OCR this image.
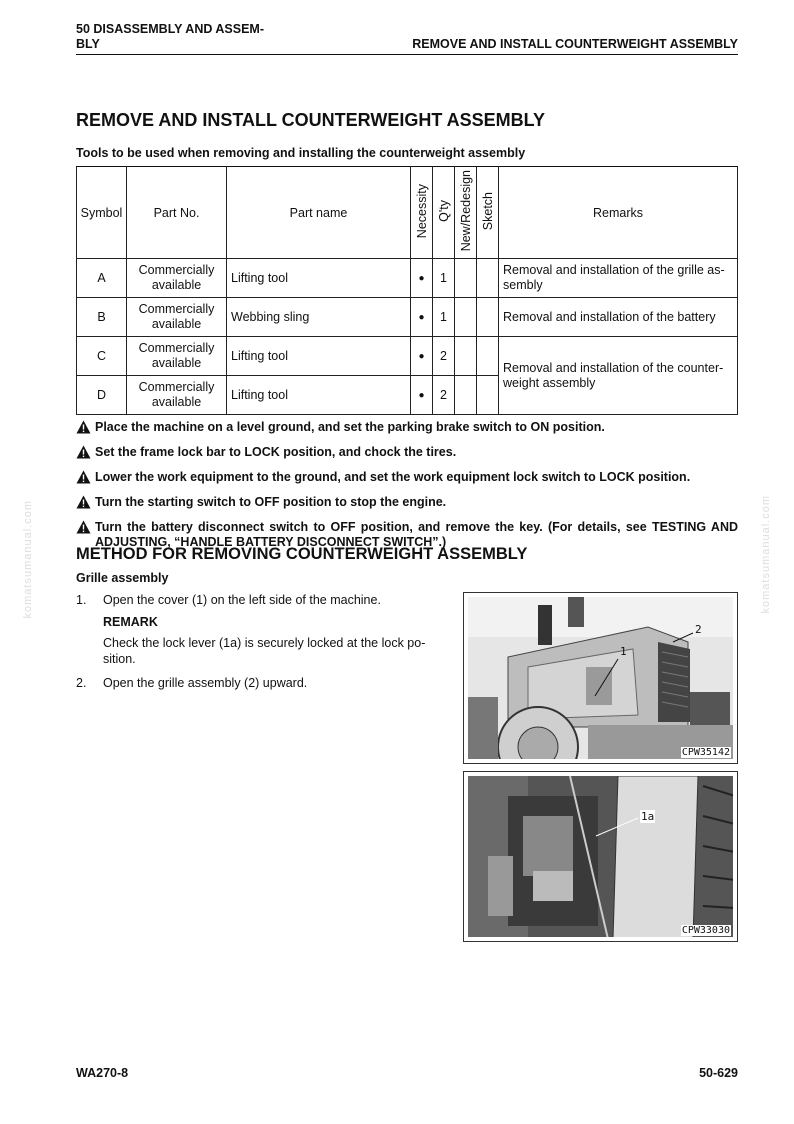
50 DISASSEMBLY AND ASSEM-
BLY	REMOVE AND INSTALL COUNTERWEIGHT ASSEMBLY
REMOVE AND INSTALL COUNTERWEIGHT ASSEMBLY
Tools to be used when removing and installing the counterweight assembly
Symbol	Part No.	Part name	Necessity	Q'ty	New/Redesign	Sketch	Remarks
A	Commercially available	Lifting tool	●	1			Removal and installation of the grille as-sembly
B	Commercially available	Webbing sling	●	1			Removal and installation of the battery
C	Commercially available	Lifting tool	●	2			Removal and installation of the counter-weight assembly
D	Commercially available	Lifting tool	●	2			
Place the machine on a level ground, and set the parking brake switch to ON position.
Set the frame lock bar to LOCK position, and chock the tires.
Lower the work equipment to the ground, and set the work equipment lock switch to LOCK position.
Turn the starting switch to OFF position to stop the engine.
Turn the battery disconnect switch to OFF position, and remove the key. (For details, see TESTING AND ADJUSTING, “HANDLE BATTERY DISCONNECT SWITCH”.)
METHOD FOR REMOVING COUNTERWEIGHT ASSEMBLY
Grille assembly
1.	Open the cover (1) on the left side of the machine.
REMARK
Check the lock lever (1a) is securely locked at the lock po-sition.
2.	Open the grille assembly (2) upward.
1
2
CPW35142
1a
CPW33030
komatsumanual.com	komatsumanual.com
WA270-8	50-629
